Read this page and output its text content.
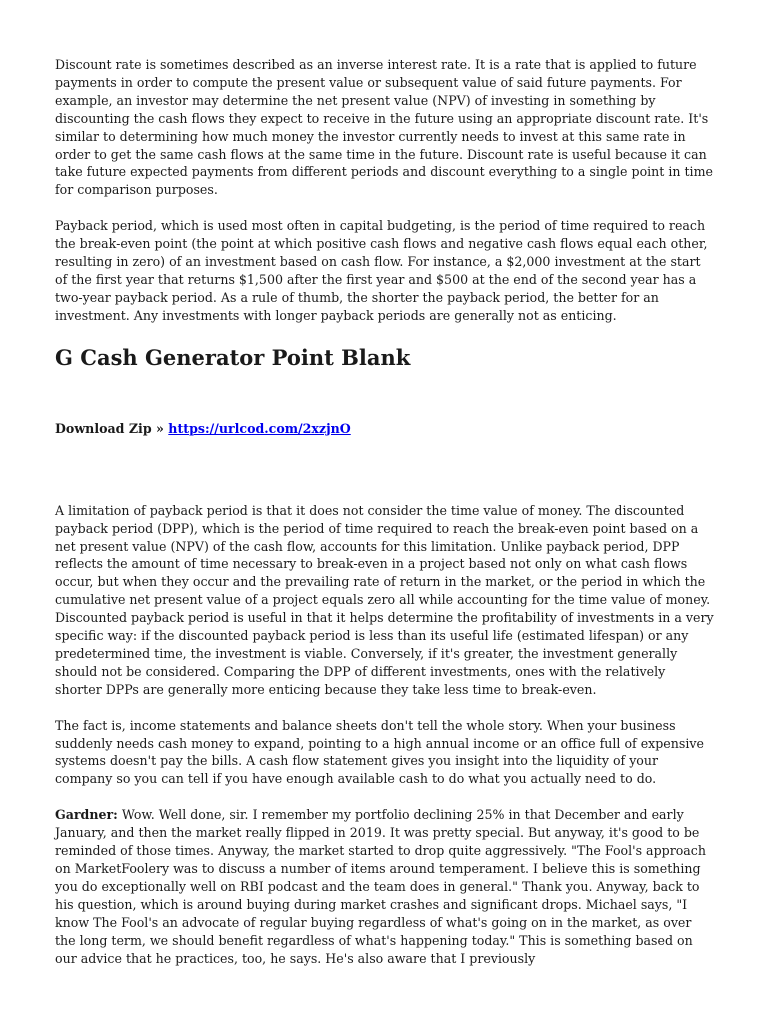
Discount rate is sometimes described as an inverse interest rate. It is a rate that is applied to future payments in order to compute the present value or subsequent value of said future payments. For example, an investor may determine the net present value (NPV) of investing in something by discounting the cash flows they expect to receive in the future using an appropriate discount rate. It's similar to determining how much money the investor currently needs to invest at this same rate in order to get the same cash flows at the same time in the future. Discount rate is useful because it can take future expected payments from different periods and discount everything to a single point in time for comparison purposes.

Payback period, which is used most often in capital budgeting, is the period of time required to reach the break-even point (the point at which positive cash flows and negative cash flows equal each other, resulting in zero) of an investment based on cash flow. For instance, a $2,000 investment at the start of the first year that returns $1,500 after the first year and $500 at the end of the second year has a two-year payback period. As a rule of thumb, the shorter the payback period, the better for an investment. Any investments with longer payback periods are generally not as enticing.

G Cash Generator Point Blank
Download Zip » https://urlcod.com/2xzjnO

A limitation of payback period is that it does not consider the time value of money. The discounted payback period (DPP), which is the period of time required to reach the break-even point based on a net present value (NPV) of the cash flow, accounts for this limitation. Unlike payback period, DPP reflects the amount of time necessary to break-even in a project based not only on what cash flows occur, but when they occur and the prevailing rate of return in the market, or the period in which the cumulative net present value of a project equals zero all while accounting for the time value of money. Discounted payback period is useful in that it helps determine the profitability of investments in a very specific way: if the discounted payback period is less than its useful life (estimated lifespan) or any predetermined time, the investment is viable. Conversely, if it's greater, the investment generally should not be considered. Comparing the DPP of different investments, ones with the relatively shorter DPPs are generally more enticing because they take less time to break-even.

The fact is, income statements and balance sheets don't tell the whole story. When your business suddenly needs cash money to expand, pointing to a high annual income or an office full of expensive systems doesn't pay the bills. A cash flow statement gives you insight into the liquidity of your company so you can tell if you have enough available cash to do what you actually need to do.

Gardner: Wow. Well done, sir. I remember my portfolio declining 25% in that December and early January, and then the market really flipped in 2019. It was pretty special. But anyway, it's good to be reminded of those times. Anyway, the market started to drop quite aggressively. "The Fool's approach on MarketFoolery was to discuss a number of items around temperament. I believe this is something you do exceptionally well on RBI podcast and the team does in general." Thank you. Anyway, back to his question, which is around buying during market crashes and significant drops. Michael says, "I know The Fool's an advocate of regular buying regardless of what's going on in the market, as over the long term, we should benefit regardless of what's happening today." This is something based on our advice that he practices, too, he says. He's also aware that I previously
